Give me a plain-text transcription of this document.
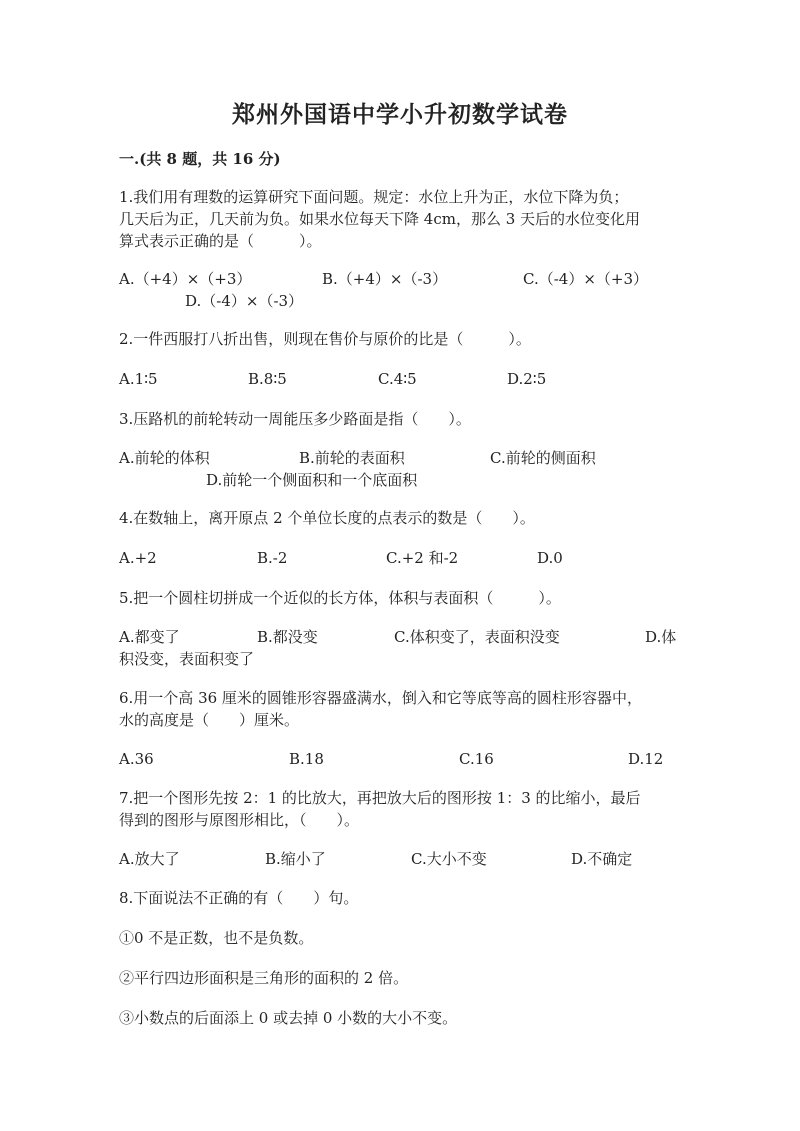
郑州外国语中学小升初数学试卷
一.(共 8 题，共 16 分)
1.我们用有理数的运算研究下面问题。规定：水位上升为正，水位下降为负；
几天后为正，几天前为负。如果水位每天下降 4cm，那么 3 天后的水位变化用
算式表示正确的是（　　　）。
A.（+4）×（+3）	B.（+4）×（-3）	C.（-4）×（+3）
D.（-4）×（-3）
2.一件西服打八折出售，则现在售价与原价的比是（　　　）。
A.1∶5	B.8∶5	C.4∶5	D.2∶5
3.压路机的前轮转动一周能压多少路面是指（　　）。
A.前轮的体积	B.前轮的表面积	C.前轮的侧面积
D.前轮一个侧面积和一个底面积
4.在数轴上，离开原点 2 个单位长度的点表示的数是（　　）。
A.+2	B.-2	C.+2 和-2	D.0
5.把一个圆柱切拼成一个近似的长方体，体积与表面积（　　　）。
A.都变了	B.都没变	C.体积变了，表面积没变	D.体
积没变，表面积变了
6.用一个高 36 厘米的圆锥形容器盛满水，倒入和它等底等高的圆柱形容器中，
水的高度是（　　）厘米。
A.36	B.18	C.16	D.12
7.把一个图形先按 2：1 的比放大，再把放大后的图形按 1：3 的比缩小，最后
得到的图形与原图形相比，（　　）。
A.放大了	B.缩小了	C.大小不变	D.不确定
8.下面说法不正确的有（　　）句。
①0 不是正数，也不是负数。
②平行四边形面积是三角形的面积的 2 倍。
③小数点的后面添上 0 或去掉 0 小数的大小不变。
